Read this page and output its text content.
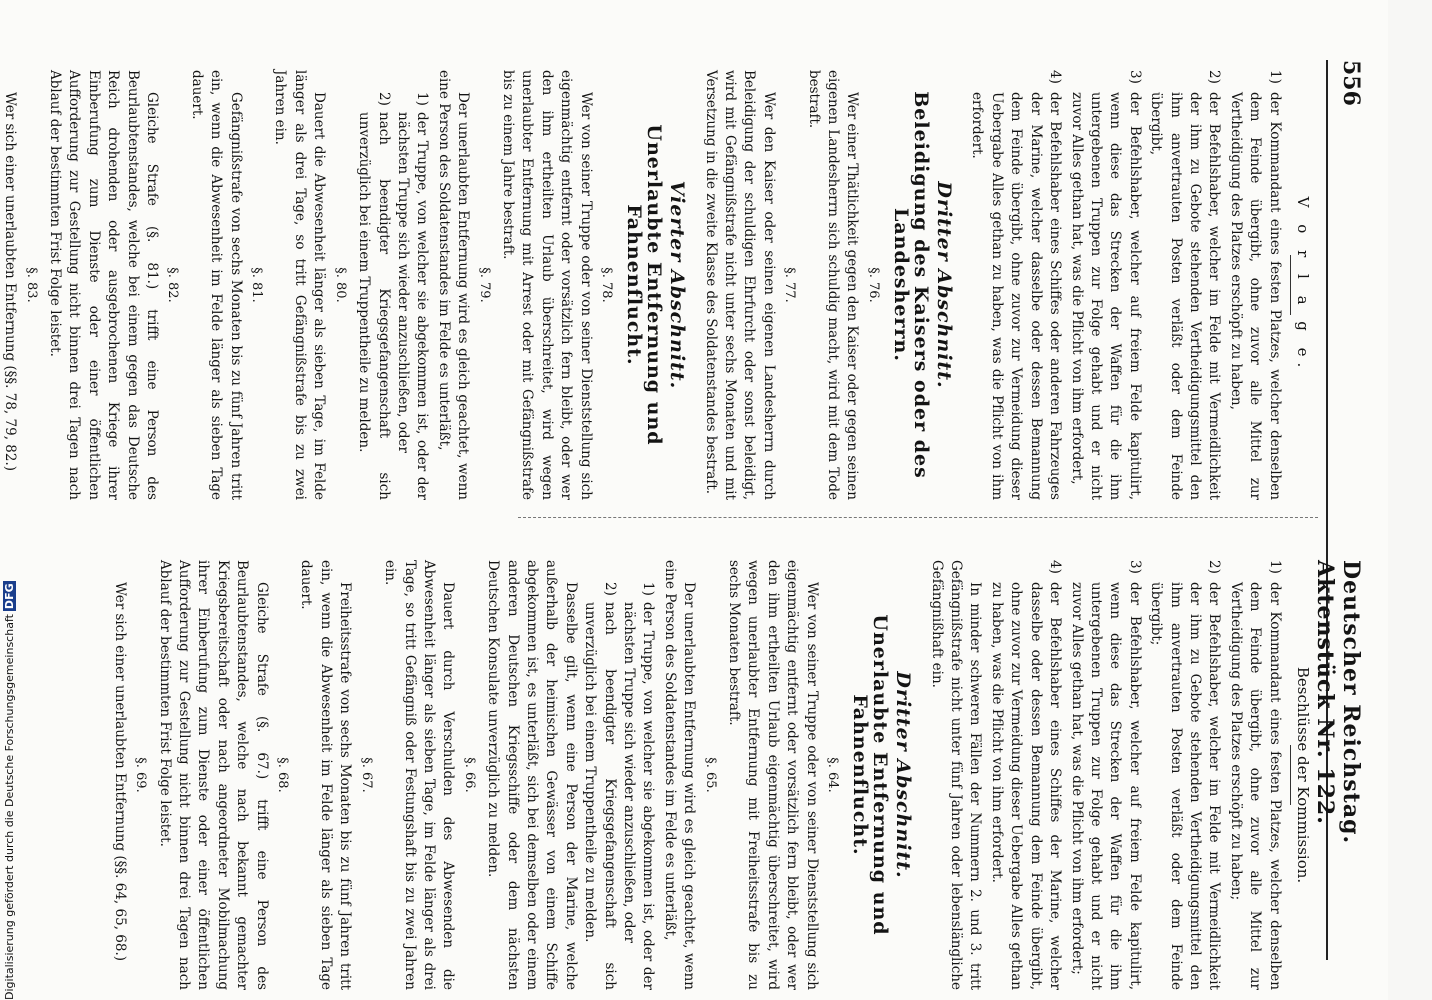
556
Deutscher Reichstag. Aktenstück Nr. 122.
V o r l a g e.
1)
der Kommandant eines festen Platzes, welcher denselben dem Feinde übergibt, ohne zuvor alle Mittel zur Vertheidigung des Platzes erschöpft zu haben,
2)
der Befehlshaber, welcher im Felde mit Vermeidlichkeit der ihm zu Gebote stehenden Vertheidigungsmittel den ihm anvertrauten Posten verläßt oder dem Feinde übergibt,
3)
der Befehlshaber, welcher auf freiem Felde kapitulirt, wenn diese das Strecken der Waffen für die ihm untergebenen Truppen zur Folge gehabt und er nicht zuvor Alles gethan hat, was die Pflicht von ihm erfordert,
4)
der Befehlshaber eines Schiffes oder anderen Fahrzeuges der Marine, welcher dasselbe oder dessen Bemannung dem Feinde übergibt, ohne zuvor zur Vermeidung dieser Uebergabe Alles gethan zu haben, was die Pflicht von ihm erfordert.
Dritter Abschnitt.
Beleidigung des Kaisers oder des Landesherrn.
§. 76.

Wer einer Thätlichkeit gegen den Kaiser oder gegen seinen eigenen Landesherrn sich schuldig macht, wird mit dem Tode bestraft.

§. 77.

Wer den Kaiser oder seinen eigenen Landesherrn durch Beleidigung der schuldigen Ehrfurcht oder sonst beleidigt, wird mit Gefängnißstrafe nicht unter sechs Monaten und mit Versetzung in die zweite Klasse des Soldatenstandes bestraft.

Vierter Abschnitt.
Unerlaubte Entfernung und Fahnenflucht.
§. 78.

Wer von seiner Truppe oder von seiner Dienststellung sich eigenmächtig entfernt oder vorsätzlich fern bleibt, oder wer den ihm ertheilten Urlaub überschreitet, wird wegen unerlaubter Entfernung mit Arrest oder mit Gefängnißstrafe bis zu einem Jahre bestraft.

§. 79.

Der unerlaubten Entfernung wird es gleich geachtet, wenn eine Person des Soldatenstandes im Felde es unterläßt,

1)
der Truppe, von welcher sie abgekommen ist, oder der nächsten Truppe sich wieder anzuschließen, oder
2)
nach beendigter Kriegsgefangenschaft sich unverzüglich bei einem Truppentheile zu melden.
§. 80.

Dauert die Abwesenheit länger als sieben Tage, im Felde länger als drei Tage, so tritt Gefängnißstrafe bis zu zwei Jahren ein.

§. 81.

Gefängnißstrafe von sechs Monaten bis zu fünf Jahren tritt ein, wenn die Abwesenheit im Felde länger als sieben Tage dauert.

§. 82.

Gleiche Strafe (§. 81.) trifft eine Person des Beurlaubtenstandes, welche bei einem gegen das Deutsche Reich drohenden oder ausgebrochenen Kriege ihrer Einberufung zum Dienste oder einer öffentlichen Aufforderung zur Gestellung nicht binnen drei Tagen nach Ablauf der bestimmten Frist Folge leistet.

§. 83.

Wer sich einer unerlaubten Entfernung (§§. 78, 79, 82.)

Beschlüsse der Kommission.
1)
der Kommandant eines festen Platzes, welcher denselben dem Feinde übergibt, ohne zuvor alle Mittel zur Vertheidigung des Platzes erschöpft zu haben;
2)
der Befehlshaber, welcher im Felde mit Vermeidlichkeit der ihm zu Gebote stehenden Vertheidigungsmittel den ihm anvertrauten Posten verläßt oder dem Feinde übergibt;
3)
der Befehlshaber, welcher auf freiem Felde kapitulirt, wenn diese das Strecken der Waffen für die ihm untergebenen Truppen zur Folge gehabt und er nicht zuvor Alles gethan hat, was die Pflicht von ihm erfordert;
4)
der Befehlshaber eines Schiffes der Marine, welcher dasselbe oder dessen Bemannung dem Feinde übergibt, ohne zuvor zur Vermeidung dieser Uebergabe Alles gethan zu haben, was die Pflicht von ihm erfordert.

In minder schweren Fällen der Nummern 2. und 3. tritt Gefängnißstrafe nicht unter fünf Jahren oder lebenslängliche Gefängnißhaft ein.

Dritter Abschnitt.
Unerlaubte Entfernung und Fahnenflucht.
§. 64.

Wer von seiner Truppe oder von seiner Dienststellung sich eigenmächtig entfernt oder vorsätzlich fern bleibt, oder wer den ihm ertheilten Urlaub eigenmächtig überschreitet, wird wegen unerlaubter Entfernung mit Freiheitsstrafe bis zu sechs Monaten bestraft.

§. 65.

Der unerlaubten Entfernung wird es gleich geachtet, wenn eine Person des Soldatenstandes im Felde es unterläßt,

1)
der Truppe, von welcher sie abgekommen ist, oder der nächsten Truppe sich wieder anzuschließen, oder
2)
nach beendigter Kriegsgefangenschaft sich unverzüglich bei einem Truppentheile zu melden.

Dasselbe gilt, wenn eine Person der Marine, welche außerhalb der heimischen Gewässer von einem Schiffe abgekommen ist, es unterläßt, sich bei demselben oder einem anderen Deutschen Kriegsschiffe oder dem nächsten Deutschen Konsulate unverzüglich zu melden.

§. 66.

Dauert durch Verschulden des Abwesenden die Abwesenheit länger als sieben Tage, im Felde länger als drei Tage, so tritt Gefängniß oder Festungshaft bis zu zwei Jahren ein.

§. 67.

Freiheitsstrafe von sechs Monaten bis zu fünf Jahren tritt ein, wenn die Abwesenheit im Felde länger als sieben Tage dauert.

§. 68.

Gleiche Strafe (§. 67.) trifft eine Person des Beurlaubtenstandes, welche nach bekannt gemachter Kriegsbereitschaft oder nach angeordneter Mobilmachung ihrer Einberufung zum Dienste oder einer öffentlichen Aufforderung zur Gestellung nicht binnen drei Tagen nach Ablauf der bestimmten Frist Folge leistet.

§. 69.

Wer sich einer unerlaubten Entfernung (§§. 64, 65, 68.)

Digitalisierung gefördert durch die Deutsche ForschungsgemeinschaftDFG
